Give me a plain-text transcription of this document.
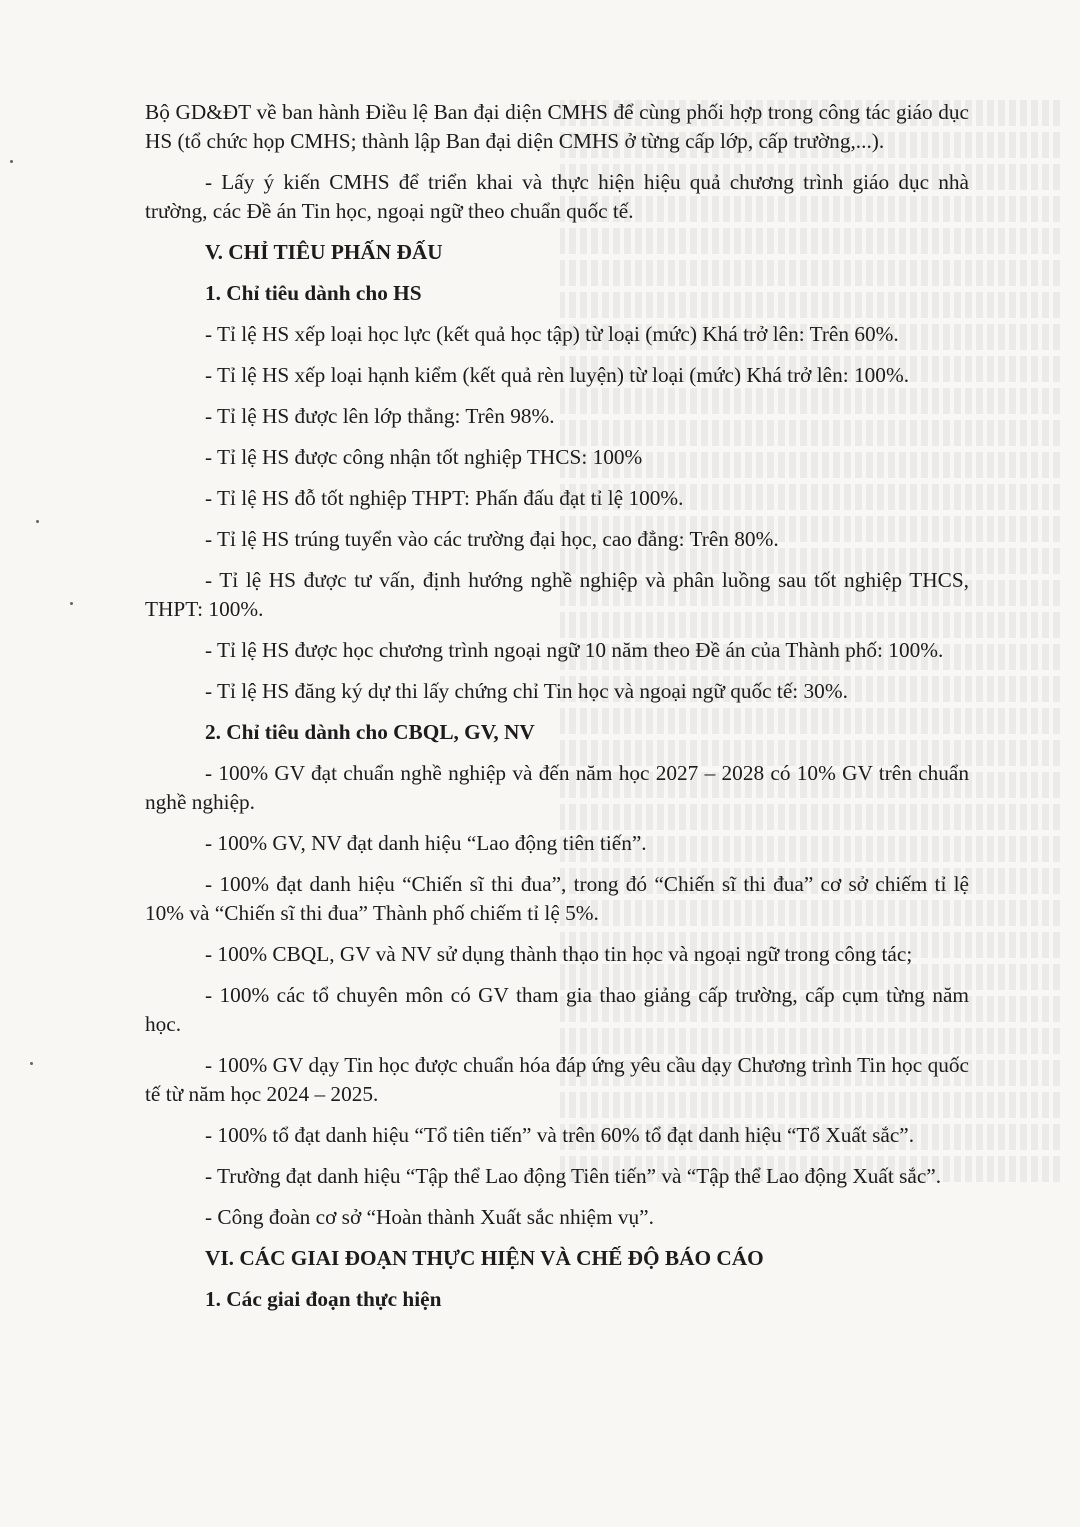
Bộ GD&ĐT về ban hành Điều lệ Ban đại diện CMHS để cùng phối hợp trong công tác giáo dục HS (tổ chức họp CMHS; thành lập Ban đại diện CMHS ở từng cấp lớp, cấp trường,...).

- Lấy ý kiến CMHS để triển khai và thực hiện hiệu quả chương trình giáo dục nhà trường, các Đề án Tin học, ngoại ngữ theo chuẩn quốc tế.

V. CHỈ TIÊU PHẤN ĐẤU

1. Chỉ tiêu dành cho HS

- Tỉ lệ HS xếp loại học lực (kết quả học tập) từ loại (mức) Khá trở lên: Trên 60%.

- Tỉ lệ HS xếp loại hạnh kiểm (kết quả rèn luyện) từ loại (mức) Khá trở lên: 100%.

- Tỉ lệ HS được lên lớp thẳng: Trên 98%.

- Tỉ lệ HS được công nhận tốt nghiệp THCS: 100%

- Tỉ lệ HS đỗ tốt nghiệp THPT: Phấn đấu đạt tỉ lệ 100%.

- Tỉ lệ HS trúng tuyển vào các trường đại học, cao đẳng: Trên 80%.

- Tỉ lệ HS được tư vấn, định hướng nghề nghiệp và phân luồng sau tốt nghiệp THCS, THPT: 100%.

- Tỉ lệ HS được học chương trình ngoại ngữ 10 năm theo Đề án của Thành phố: 100%.

- Tỉ lệ HS đăng ký dự thi lấy chứng chỉ Tin học và ngoại ngữ quốc tế: 30%.

2. Chỉ tiêu dành cho CBQL, GV, NV

- 100% GV đạt chuẩn nghề nghiệp và đến năm học 2027 – 2028 có 10% GV trên chuẩn nghề nghiệp.

- 100% GV, NV đạt danh hiệu “Lao động tiên tiến”.

- 100% đạt danh hiệu “Chiến sĩ thi đua”, trong đó “Chiến sĩ thi đua” cơ sở chiếm tỉ lệ 10% và “Chiến sĩ thi đua” Thành phố chiếm tỉ lệ 5%.

- 100% CBQL, GV và NV sử dụng thành thạo tin học và ngoại ngữ trong công tác;

- 100% các tổ chuyên môn có GV tham gia thao giảng cấp trường, cấp cụm từng năm học.

- 100% GV dạy Tin học được chuẩn hóa đáp ứng yêu cầu dạy Chương trình Tin học quốc tế từ năm học 2024 – 2025.

- 100% tổ đạt danh hiệu “Tổ tiên tiến” và trên 60% tổ đạt danh hiệu “Tổ Xuất sắc”.

- Trường đạt danh hiệu “Tập thể Lao động Tiên tiến” và “Tập thể Lao động Xuất sắc”.

- Công đoàn cơ sở “Hoàn thành Xuất sắc nhiệm vụ”.

VI. CÁC GIAI ĐOẠN THỰC HIỆN VÀ CHẾ ĐỘ BÁO CÁO

1. Các giai đoạn thực hiện
